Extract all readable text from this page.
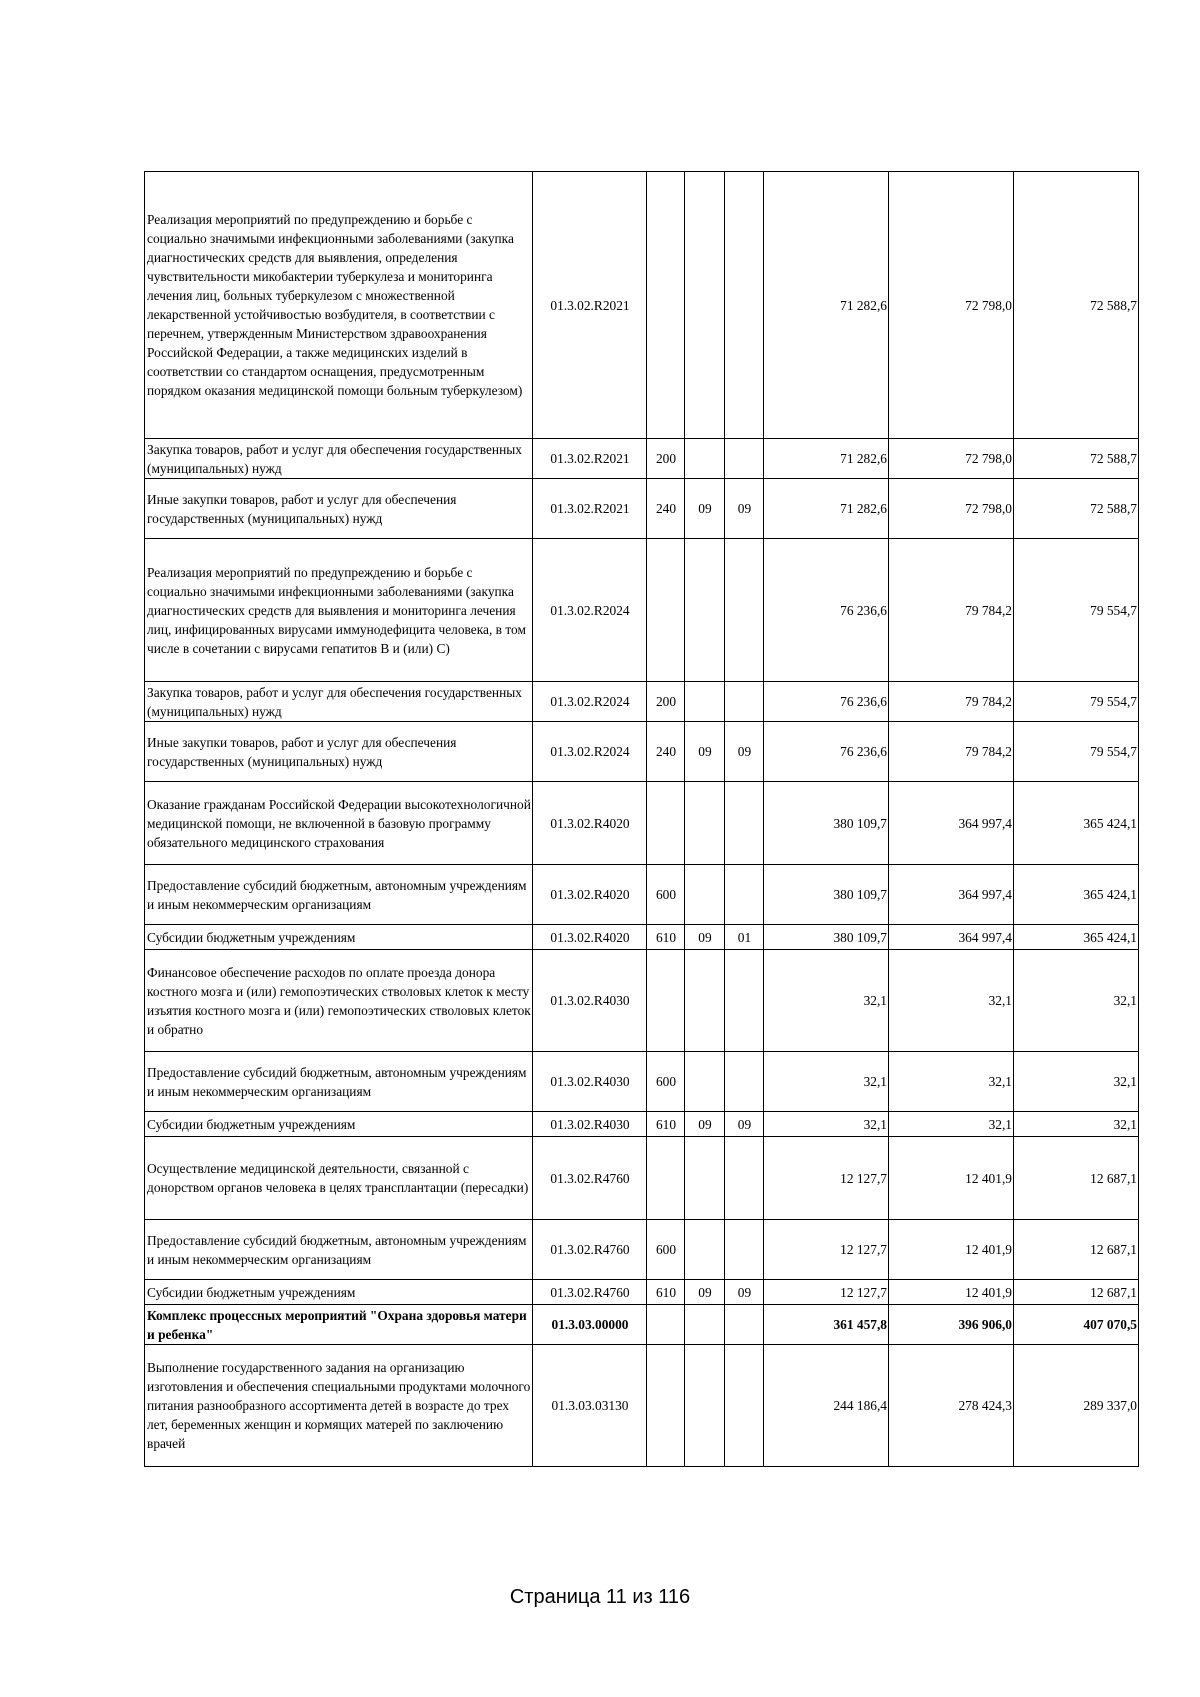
Реализация мероприятий по предупреждению и борьбе с социально значимыми инфекционными заболеваниями (закупка диагностических средств для выявления, определения чувствительности микобактерии туберкулеза и мониторинга лечения лиц, больных туберкулезом с множественной лекарственной устойчивостью возбудителя, в соответствии с перечнем, утвержденным Министерством здравоохранения Российской Федерации, а также медицинских изделий в соответствии со стандартом оснащения, предусмотренным порядком оказания медицинской помощи больным туберкулезом)	01.3.02.R2021				71 282,6	72 798,0	72 588,7
Закупка товаров, работ и услуг для обеспечения государственных (муниципальных) нужд	01.3.02.R2021	200			71 282,6	72 798,0	72 588,7
Иные закупки товаров, работ и услуг для обеспечения государственных (муниципальных) нужд	01.3.02.R2021	240	09	09	71 282,6	72 798,0	72 588,7
Реализация мероприятий по предупреждению и борьбе с социально значимыми инфекционными заболеваниями (закупка диагностических средств для выявления и мониторинга лечения лиц, инфицированных вирусами иммунодефицита человека, в том числе в сочетании с вирусами гепатитов B и (или) C)	01.3.02.R2024				76 236,6	79 784,2	79 554,7
Закупка товаров, работ и услуг для обеспечения государственных (муниципальных) нужд	01.3.02.R2024	200			76 236,6	79 784,2	79 554,7
Иные закупки товаров, работ и услуг для обеспечения государственных (муниципальных) нужд	01.3.02.R2024	240	09	09	76 236,6	79 784,2	79 554,7
Оказание гражданам Российской Федерации высокотехнологичной медицинской помощи, не включенной в базовую программу обязательного медицинского страхования	01.3.02.R4020				380 109,7	364 997,4	365 424,1
Предоставление субсидий бюджетным, автономным учреждениям и иным некоммерческим организациям	01.3.02.R4020	600			380 109,7	364 997,4	365 424,1
Субсидии бюджетным учреждениям	01.3.02.R4020	610	09	01	380 109,7	364 997,4	365 424,1
Финансовое обеспечение расходов по оплате проезда донора костного мозга и (или) гемопоэтических стволовых клеток к месту изъятия костного мозга и (или) гемопоэтических стволовых клеток и обратно	01.3.02.R4030				32,1	32,1	32,1
Предоставление субсидий бюджетным, автономным учреждениям и иным некоммерческим организациям	01.3.02.R4030	600			32,1	32,1	32,1
Субсидии бюджетным учреждениям	01.3.02.R4030	610	09	09	32,1	32,1	32,1
Осуществление медицинской деятельности, связанной с донорством органов человека в целях трансплантации (пересадки)	01.3.02.R4760				12 127,7	12 401,9	12 687,1
Предоставление субсидий бюджетным, автономным учреждениям и иным некоммерческим организациям	01.3.02.R4760	600			12 127,7	12 401,9	12 687,1
Субсидии бюджетным учреждениям	01.3.02.R4760	610	09	09	12 127,7	12 401,9	12 687,1
Комплекс процессных мероприятий "Охрана здоровья матери и ребенка"	01.3.03.00000				361 457,8	396 906,0	407 070,5
Выполнение государственного задания на организацию изготовления и обеспечения специальными продуктами молочного питания разнообразного ассортимента детей в возрасте до трех лет, беременных женщин и кормящих матерей по заключению врачей	01.3.03.03130				244 186,4	278 424,3	289 337,0
Страница 11 из 116
